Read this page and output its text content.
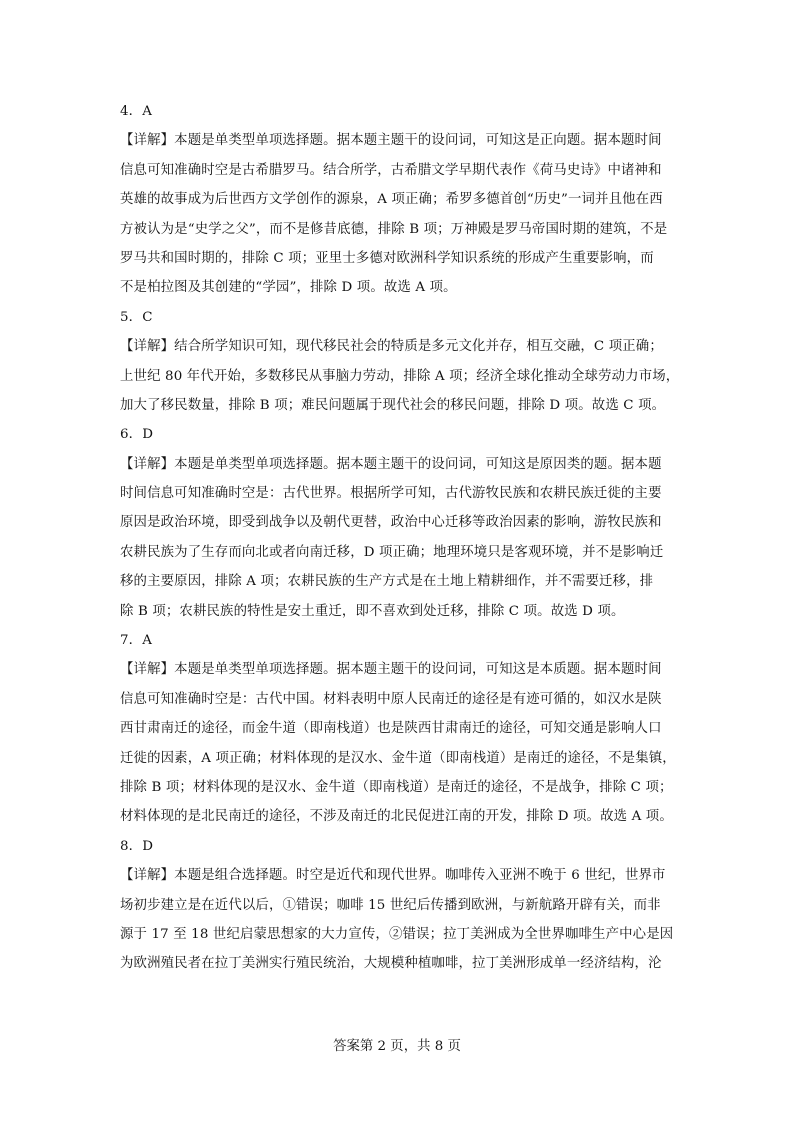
4．A
【详解】本题是单类型单项选择题。据本题主题干的设问词，可知这是正向题。据本题时间
信息可知准确时空是古希腊罗马。结合所学，古希腊文学早期代表作《荷马史诗》中诸神和
英雄的故事成为后世西方文学创作的源泉，A 项正确；希罗多德首创“历史”一词并且他在西
方被认为是“史学之父”，而不是修昔底德，排除 B 项；万神殿是罗马帝国时期的建筑，不是
罗马共和国时期的，排除 C 项；亚里士多德对欧洲科学知识系统的形成产生重要影响，而
不是柏拉图及其创建的“学园”，排除 D 项。故选 A 项。
5．C
【详解】结合所学知识可知，现代移民社会的特质是多元文化并存，相互交融，C 项正确；
上世纪 80 年代开始，多数移民从事脑力劳动，排除 A 项；经济全球化推动全球劳动力市场，
加大了移民数量，排除 B 项；难民问题属于现代社会的移民问题，排除 D 项。故选 C 项。
6．D
【详解】本题是单类型单项选择题。据本题主题干的设问词，可知这是原因类的题。据本题
时间信息可知准确时空是：古代世界。根据所学可知，古代游牧民族和农耕民族迁徙的主要
原因是政治环境，即受到战争以及朝代更替，政治中心迁移等政治因素的影响，游牧民族和
农耕民族为了生存而向北或者向南迁移，D 项正确；地理环境只是客观环境，并不是影响迁
移的主要原因，排除 A 项；农耕民族的生产方式是在土地上精耕细作，并不需要迁移，排
除 B 项；农耕民族的特性是安土重迁，即不喜欢到处迁移，排除 C 项。故选 D 项。
7．A
【详解】本题是单类型单项选择题。据本题主题干的设问词，可知这是本质题。据本题时间
信息可知准确时空是：古代中国。材料表明中原人民南迁的途径是有迹可循的，如汉水是陕
西甘肃南迁的途径，而金牛道（即南栈道）也是陕西甘肃南迁的途径，可知交通是影响人口
迁徙的因素，A 项正确；材料体现的是汉水、金牛道（即南栈道）是南迁的途径，不是集镇，
排除 B 项；材料体现的是汉水、金牛道（即南栈道）是南迁的途径，不是战争，排除 C 项；
材料体现的是北民南迁的途径，不涉及南迁的北民促进江南的开发，排除 D 项。故选 A 项。
8．D
【详解】本题是组合选择题。时空是近代和现代世界。咖啡传入亚洲不晚于 6 世纪，世界市
场初步建立是在近代以后，①错误；咖啡 15 世纪后传播到欧洲，与新航路开辟有关，而非
源于 17 至 18 世纪启蒙思想家的大力宣传，②错误；拉丁美洲成为全世界咖啡生产中心是因
为欧洲殖民者在拉丁美洲实行殖民统治，大规模种植咖啡，拉丁美洲形成单一经济结构，沦
答案第 2 页，共 8 页
